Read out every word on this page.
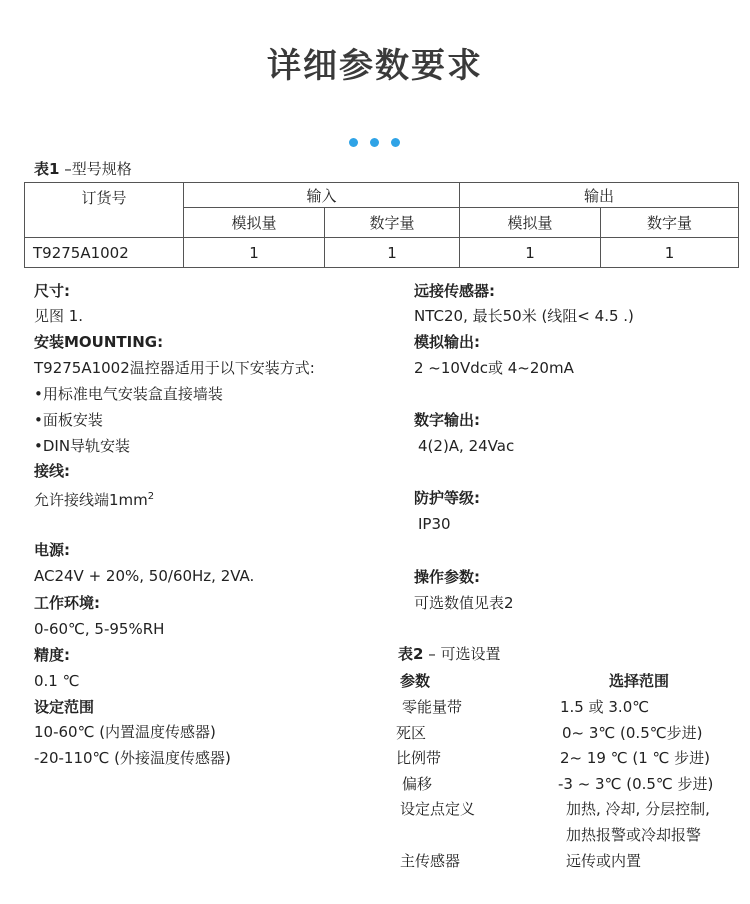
详细参数要求
表1 –型号规格
订货号	输入		输出	
	模拟量	数字量	模拟量	数字量
T9275A1002	1	1	1	1
尺寸:
见图 1.
安装MOUNTING:
T9275A1002温控器适用于以下安装方式:
•用标准电气安装盒直接墙装
•面板安装
•DIN导轨安装
接线:
允许接线端$1mm^2$
电源:
AC24V + 20%, 50/60Hz, 2VA.
工作环境:
0-60℃, 5-95%RH
精度:
0.1 ℃
设定范围
10-60℃ (内置温度传感器)
-20-110℃ (外接温度传感器)
远接传感器:
NTC20, 最长50米 (线阻< 4.5 .)
模拟输出:
2 ~10Vdc或 4~20mA
数字输出:
4(2)A, 24Vac
防护等级:
IP30
操作参数:
可选数值见表2
表2 – 可选设置
参数	选择范围
零能量带	1.5 或 3.0℃
死区	0~ 3℃ (0.5℃步进)
比例带	2~ 19 ℃ (1 ℃ 步进)
偏移	-3 ~ 3℃ (0.5℃ 步进)
设定点定义	加热, 冷却, 分层控制,
加热报警或冷却报警
主传感器	远传或内置
